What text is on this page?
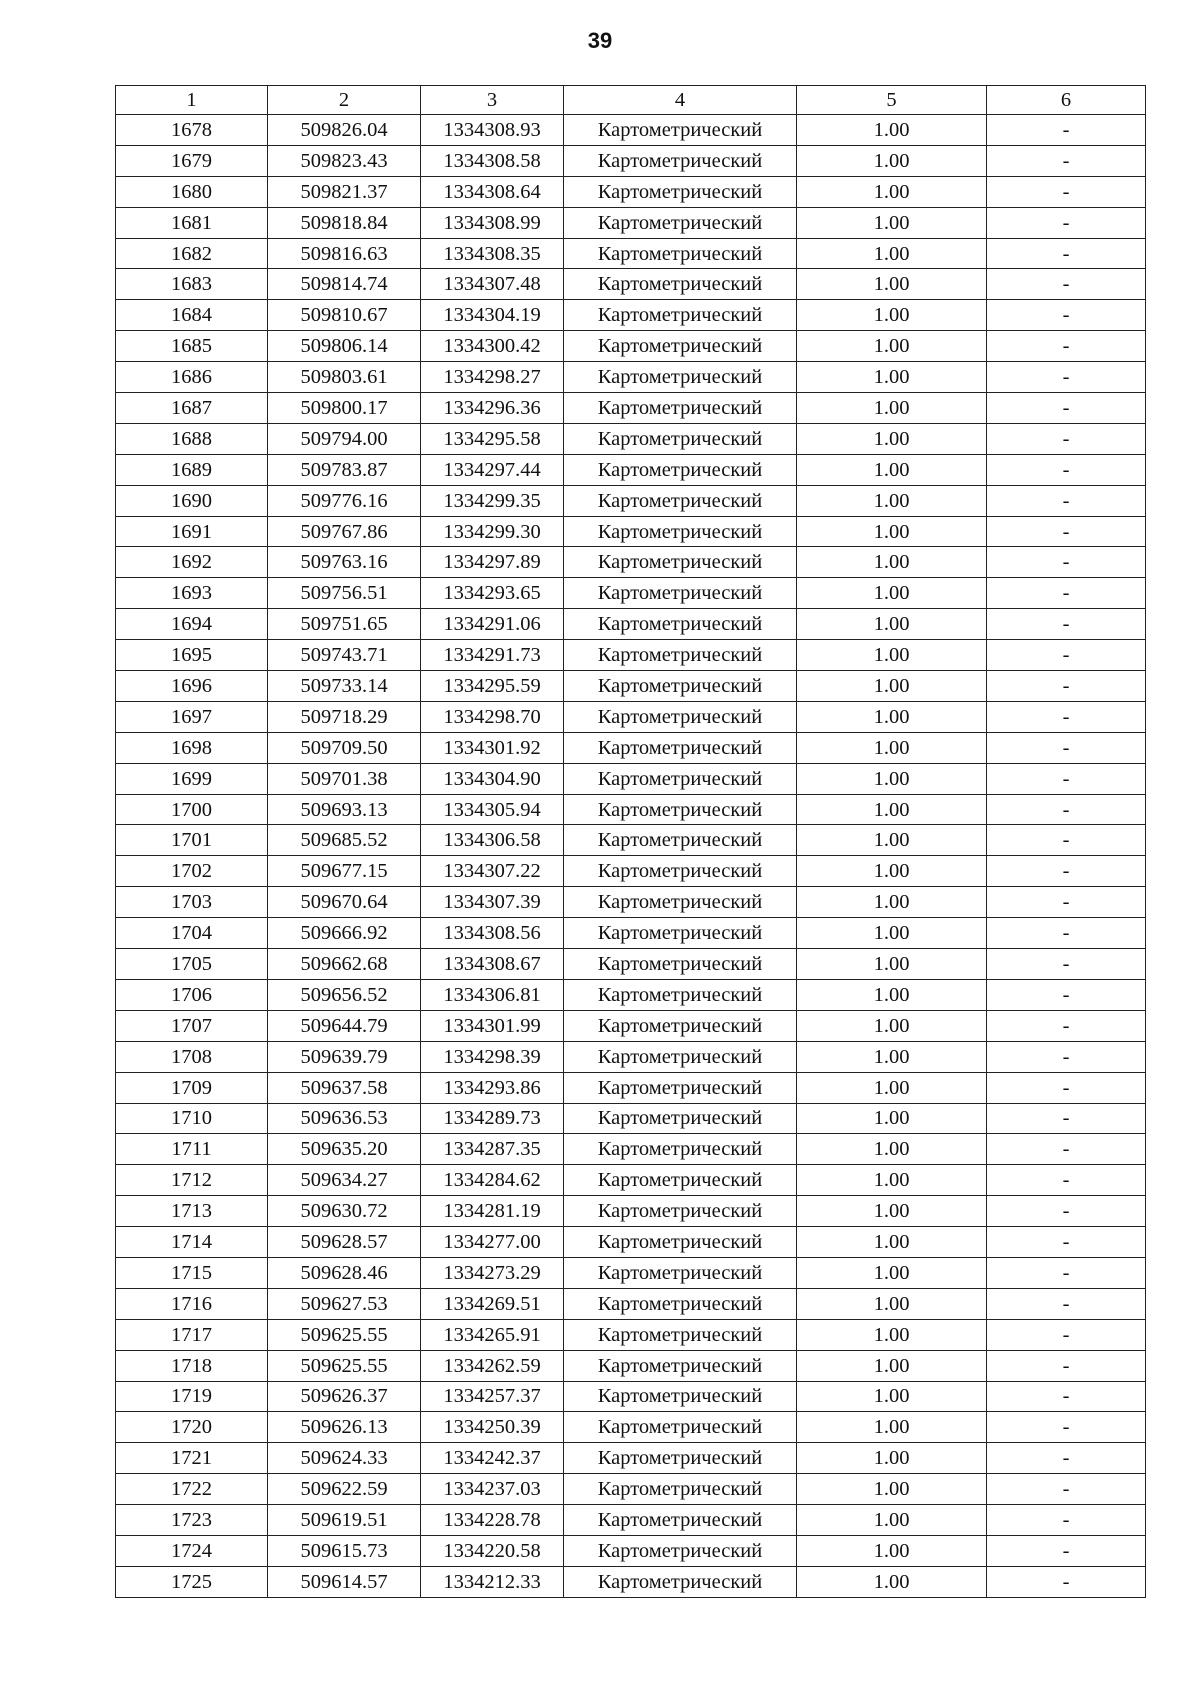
39
1	2	3	4	5	6
1678	509826.04	1334308.93	Картометрический	1.00	-
1679	509823.43	1334308.58	Картометрический	1.00	-
1680	509821.37	1334308.64	Картометрический	1.00	-
1681	509818.84	1334308.99	Картометрический	1.00	-
1682	509816.63	1334308.35	Картометрический	1.00	-
1683	509814.74	1334307.48	Картометрический	1.00	-
1684	509810.67	1334304.19	Картометрический	1.00	-
1685	509806.14	1334300.42	Картометрический	1.00	-
1686	509803.61	1334298.27	Картометрический	1.00	-
1687	509800.17	1334296.36	Картометрический	1.00	-
1688	509794.00	1334295.58	Картометрический	1.00	-
1689	509783.87	1334297.44	Картометрический	1.00	-
1690	509776.16	1334299.35	Картометрический	1.00	-
1691	509767.86	1334299.30	Картометрический	1.00	-
1692	509763.16	1334297.89	Картометрический	1.00	-
1693	509756.51	1334293.65	Картометрический	1.00	-
1694	509751.65	1334291.06	Картометрический	1.00	-
1695	509743.71	1334291.73	Картометрический	1.00	-
1696	509733.14	1334295.59	Картометрический	1.00	-
1697	509718.29	1334298.70	Картометрический	1.00	-
1698	509709.50	1334301.92	Картометрический	1.00	-
1699	509701.38	1334304.90	Картометрический	1.00	-
1700	509693.13	1334305.94	Картометрический	1.00	-
1701	509685.52	1334306.58	Картометрический	1.00	-
1702	509677.15	1334307.22	Картометрический	1.00	-
1703	509670.64	1334307.39	Картометрический	1.00	-
1704	509666.92	1334308.56	Картометрический	1.00	-
1705	509662.68	1334308.67	Картометрический	1.00	-
1706	509656.52	1334306.81	Картометрический	1.00	-
1707	509644.79	1334301.99	Картометрический	1.00	-
1708	509639.79	1334298.39	Картометрический	1.00	-
1709	509637.58	1334293.86	Картометрический	1.00	-
1710	509636.53	1334289.73	Картометрический	1.00	-
1711	509635.20	1334287.35	Картометрический	1.00	-
1712	509634.27	1334284.62	Картометрический	1.00	-
1713	509630.72	1334281.19	Картометрический	1.00	-
1714	509628.57	1334277.00	Картометрический	1.00	-
1715	509628.46	1334273.29	Картометрический	1.00	-
1716	509627.53	1334269.51	Картометрический	1.00	-
1717	509625.55	1334265.91	Картометрический	1.00	-
1718	509625.55	1334262.59	Картометрический	1.00	-
1719	509626.37	1334257.37	Картометрический	1.00	-
1720	509626.13	1334250.39	Картометрический	1.00	-
1721	509624.33	1334242.37	Картометрический	1.00	-
1722	509622.59	1334237.03	Картометрический	1.00	-
1723	509619.51	1334228.78	Картометрический	1.00	-
1724	509615.73	1334220.58	Картометрический	1.00	-
1725	509614.57	1334212.33	Картометрический	1.00	-
